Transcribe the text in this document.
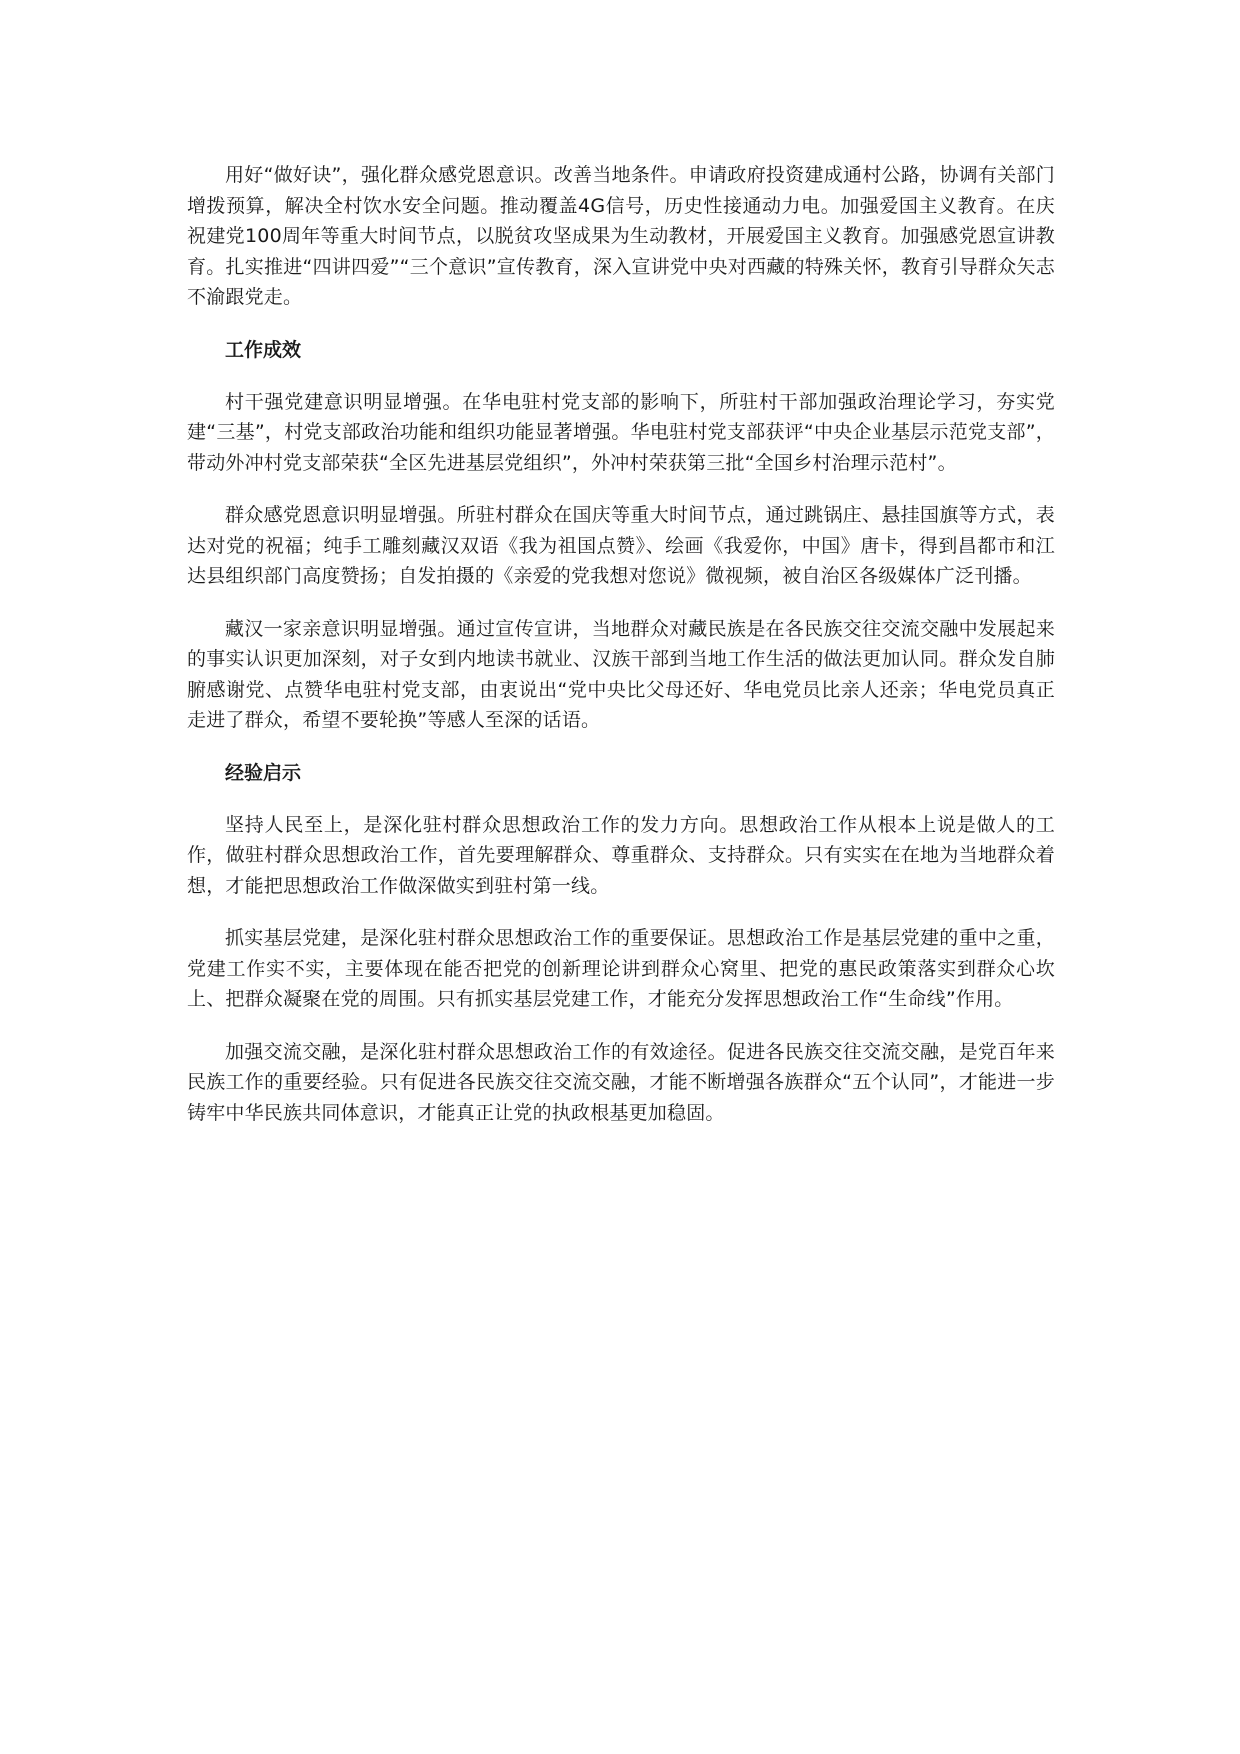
用好“做好诀”，强化群众感党恩意识。改善当地条件。申请政府投资建成通村公路，协调有关部门增拨预算，解决全村饮水安全问题。推动覆盖4G信号，历史性接通动力电。加强爱国主义教育。在庆祝建党100周年等重大时间节点，以脱贫攻坚成果为生动教材，开展爱国主义教育。加强感党恩宣讲教育。扎实推进“四讲四爱”“三个意识”宣传教育，深入宣讲党中央对西藏的特殊关怀，教育引导群众矢志不渝跟党走。

工作成效

村干强党建意识明显增强。在华电驻村党支部的影响下，所驻村干部加强政治理论学习，夯实党建“三基”，村党支部政治功能和组织功能显著增强。华电驻村党支部获评“中央企业基层示范党支部”，带动外冲村党支部荣获“全区先进基层党组织”，外冲村荣获第三批“全国乡村治理示范村”。

群众感党恩意识明显增强。所驻村群众在国庆等重大时间节点，通过跳锅庄、悬挂国旗等方式，表达对党的祝福；纯手工雕刻藏汉双语《我为祖国点赞》、绘画《我爱你，中国》唐卡，得到昌都市和江达县组织部门高度赞扬；自发拍摄的《亲爱的党我想对您说》微视频，被自治区各级媒体广泛刊播。

藏汉一家亲意识明显增强。通过宣传宣讲，当地群众对藏民族是在各民族交往交流交融中发展起来的事实认识更加深刻，对子女到内地读书就业、汉族干部到当地工作生活的做法更加认同。群众发自肺腑感谢党、点赞华电驻村党支部，由衷说出“党中央比父母还好、华电党员比亲人还亲；华电党员真正走进了群众，希望不要轮换”等感人至深的话语。

经验启示

坚持人民至上，是深化驻村群众思想政治工作的发力方向。思想政治工作从根本上说是做人的工作，做驻村群众思想政治工作，首先要理解群众、尊重群众、支持群众。只有实实在在地为当地群众着想，才能把思想政治工作做深做实到驻村第一线。

抓实基层党建，是深化驻村群众思想政治工作的重要保证。思想政治工作是基层党建的重中之重，党建工作实不实，主要体现在能否把党的创新理论讲到群众心窝里、把党的惠民政策落实到群众心坎上、把群众凝聚在党的周围。只有抓实基层党建工作，才能充分发挥思想政治工作“生命线”作用。

加强交流交融，是深化驻村群众思想政治工作的有效途径。促进各民族交往交流交融，是党百年来民族工作的重要经验。只有促进各民族交往交流交融，才能不断增强各族群众“五个认同”，才能进一步铸牢中华民族共同体意识，才能真正让党的执政根基更加稳固。
